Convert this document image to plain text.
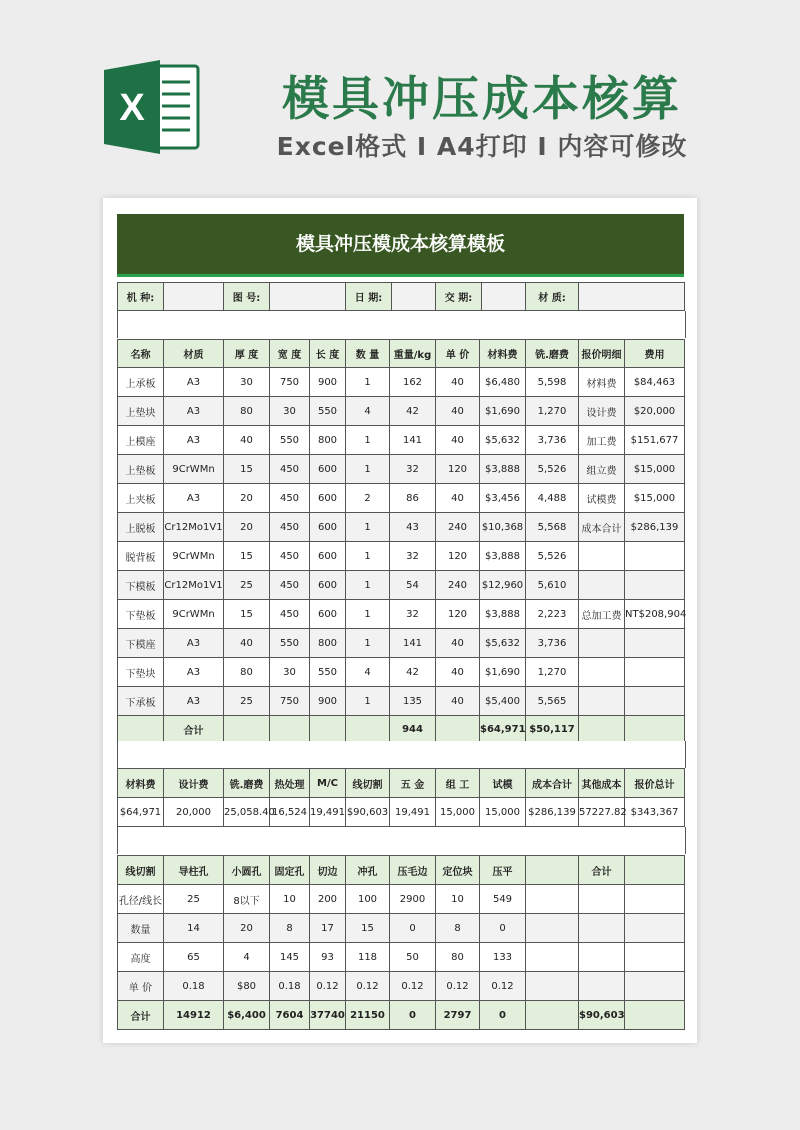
X	模具冲压成本核算
Excel格式 I A4打印 I 内容可修改
模具冲压模成本核算模板
机 种:		图 号:		日 期:		交 期:		材 质:	
名称	材质	厚 度	宽 度	长 度	数 量	重量/kg	单 价	材料费	铣.磨费	报价明细	费用
上承板	A3	30	750	900	1	162	40	$6,480	5,598	材料费	$84,463
上垫块	A3	80	30	550	4	42	40	$1,690	1,270	设计费	$20,000
上模座	A3	40	550	800	1	141	40	$5,632	3,736	加工费	$151,677
上垫板	9CrWMn	15	450	600	1	32	120	$3,888	5,526	组立费	$15,000
上夹板	A3	20	450	600	2	86	40	$3,456	4,488	试模费	$15,000
上脱板	Cr12Mo1V1	20	450	600	1	43	240	$10,368	5,568	成本合计	$286,139
脱背板	9CrWMn	15	450	600	1	32	120	$3,888	5,526		
下模板	Cr12Mo1V1	25	450	600	1	54	240	$12,960	5,610		
下垫板	9CrWMn	15	450	600	1	32	120	$3,888	2,223	总加工费	NT$208,904
下模座	A3	40	550	800	1	141	40	$5,632	3,736		
下垫块	A3	80	30	550	4	42	40	$1,690	1,270		
下承板	A3	25	750	900	1	135	40	$5,400	5,565		
	合计					944		$64,971	$50,117		
材料费	设计费	铣.磨费	热处理	M/C	线切割	五 金	组 工	试模	成本合计	其他成本	报价总计
$64,971	20,000	25,058.40	16,524	19,491	$90,603	19,491	15,000	15,000	$286,139	57227.82	$343,367
线切割	导柱孔	小圆孔	固定孔	切边	冲孔	压毛边	定位块	压平		合计	
孔径/线长	25	8以下	10	200	100	2900	10	549			
数量	14	20	8	17	15	0	8	0			
高度	65	4	145	93	118	50	80	133			
单 价	0.18	$80	0.18	0.12	0.12	0.12	0.12	0.12			
合计	14912	$6,400	7604	37740	21150	0	2797	0		$90,603	
